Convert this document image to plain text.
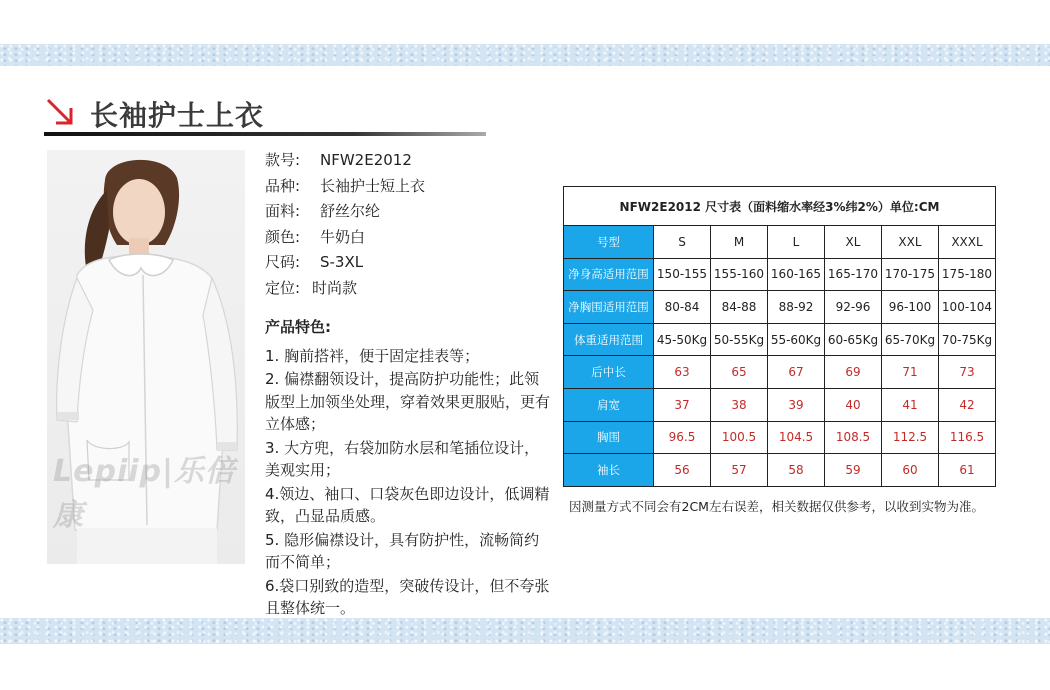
长袖护士上衣
Lepiip|乐倍康
款号: NFW2E2012
品种: 长袖护士短上衣
面料: 舒丝尔纶
颜色: 牛奶白
尺码: S-3XL
定位: 时尚款
产品特色:
1. 胸前搭袢，便于固定挂表等；
2. 偏襟翻领设计，提高防护功能性；此领版型上加领坐处理，穿着效果更服贴，更有立体感；
3. 大方兜，右袋加防水层和笔插位设计，美观实用；
4.领边、袖口、口袋灰色即边设计，低调精致，凸显品质感。
5. 隐形偏襟设计，具有防护性，流畅简约而不简单；
6.袋口别致的造型，突破传设计，但不夸张且整体统一。
NFW2E2012 尺寸表（面料缩水率经3%纬2%）单位:CM						
号型	S	M	L	XL	XXL	XXXL
净身高适用范围	150-155	155-160	160-165	165-170	170-175	175-180
净胸围适用范围	80-84	84-88	88-92	92-96	96-100	100-104
体重适用范围	45-50Kg	50-55Kg	55-60Kg	60-65Kg	65-70Kg	70-75Kg
后中长	63	65	67	69	71	73
肩宽	37	38	39	40	41	42
胸围	96.5	100.5	104.5	108.5	112.5	116.5
袖长	56	57	58	59	60	61
因测量方式不同会有2CM左右误差，相关数据仅供参考，以收到实物为准。
